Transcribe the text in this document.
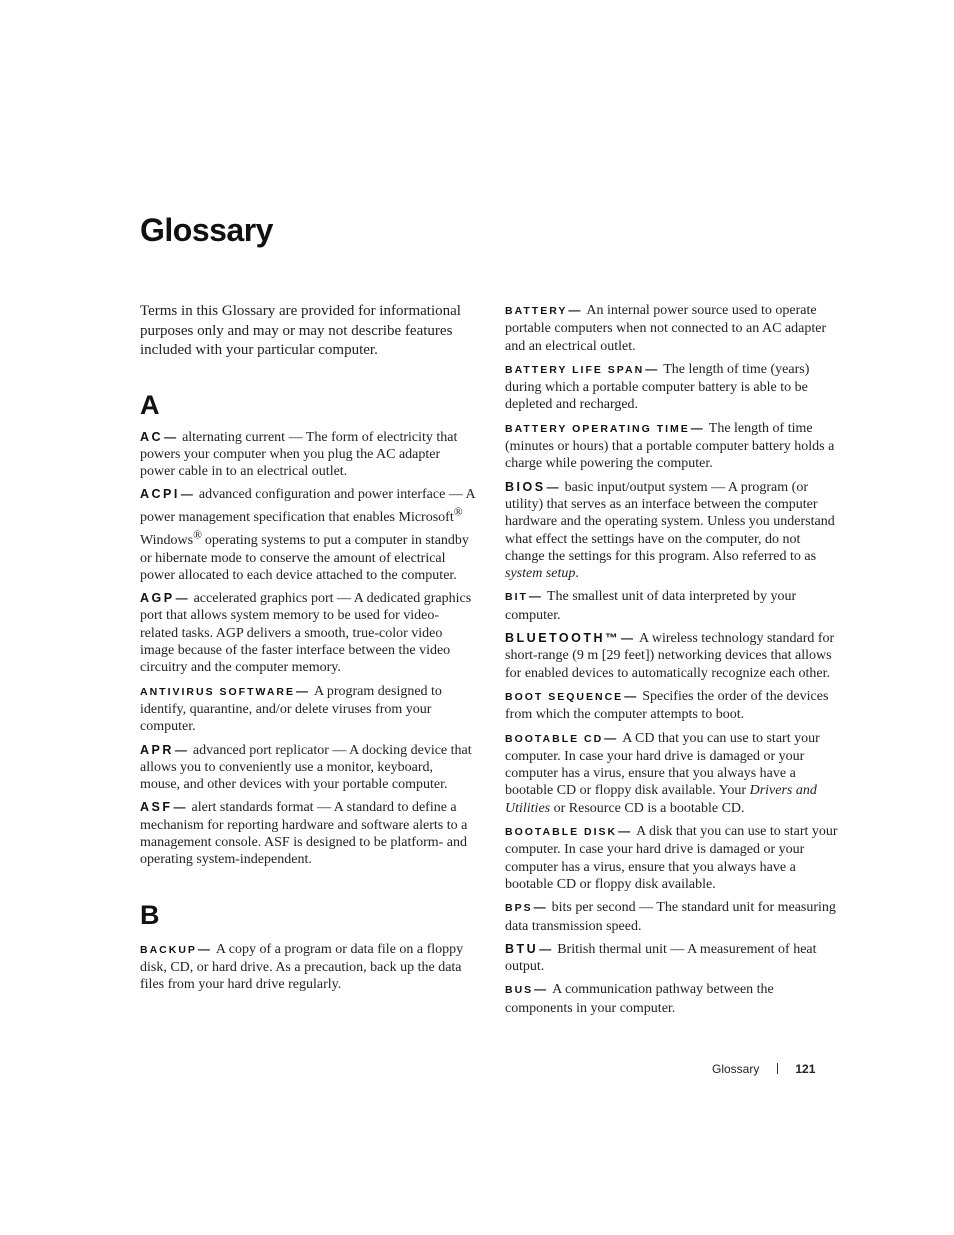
Glossary

Terms in this Glossary are provided for informational purposes only and may or may not describe features included with your particular computer.

A

AC— alternating current — The form of electricity that powers your computer when you plug the AC adapter power cable in to an electrical outlet.

ACPI— advanced configuration and power interface — A power management specification that enables Microsoft® Windows® operating systems to put a computer in standby or hibernate mode to conserve the amount of electrical power allocated to each device attached to the computer.

AGP— accelerated graphics port — A dedicated graphics port that allows system memory to be used for video-related tasks. AGP delivers a smooth, true-color video image because of the faster interface between the video circuitry and the computer memory.

ANTIVIRUS SOFTWARE— A program designed to identify, quarantine, and/or delete viruses from your computer.

APR— advanced port replicator — A docking device that allows you to conveniently use a monitor, keyboard, mouse, and other devices with your portable computer.

ASF— alert standards format — A standard to define a mechanism for reporting hardware and software alerts to a management console. ASF is designed to be platform- and operating system-independent.

B

BACKUP— A copy of a program or data file on a floppy disk, CD, or hard drive. As a precaution, back up the data files from your hard drive regularly.

BATTERY— An internal power source used to operate portable computers when not connected to an AC adapter and an electrical outlet.

BATTERY LIFE SPAN— The length of time (years) during which a portable computer battery is able to be depleted and recharged.

BATTERY OPERATING TIME— The length of time (minutes or hours) that a portable computer battery holds a charge while powering the computer.

BIOS— basic input/output system — A program (or utility) that serves as an interface between the computer hardware and the operating system. Unless you understand what effect the settings have on the computer, do not change the settings for this program. Also referred to as system setup.

BIT— The smallest unit of data interpreted by your computer.

BLUETOOTH™— A wireless technology standard for short-range (9 m [29 feet]) networking devices that allows for enabled devices to automatically recognize each other.

BOOT SEQUENCE— Specifies the order of the devices from which the computer attempts to boot.

BOOTABLE CD— A CD that you can use to start your computer. In case your hard drive is damaged or your computer has a virus, ensure that you always have a bootable CD or floppy disk available. Your Drivers and Utilities or Resource CD is a bootable CD.

BOOTABLE DISK— A disk that you can use to start your computer. In case your hard drive is damaged or your computer has a virus, ensure that you always have a bootable CD or floppy disk available.

BPS— bits per second — The standard unit for measuring data transmission speed.

BTU— British thermal unit — A measurement of heat output.

BUS— A communication pathway between the components in your computer.

Glossary	121
